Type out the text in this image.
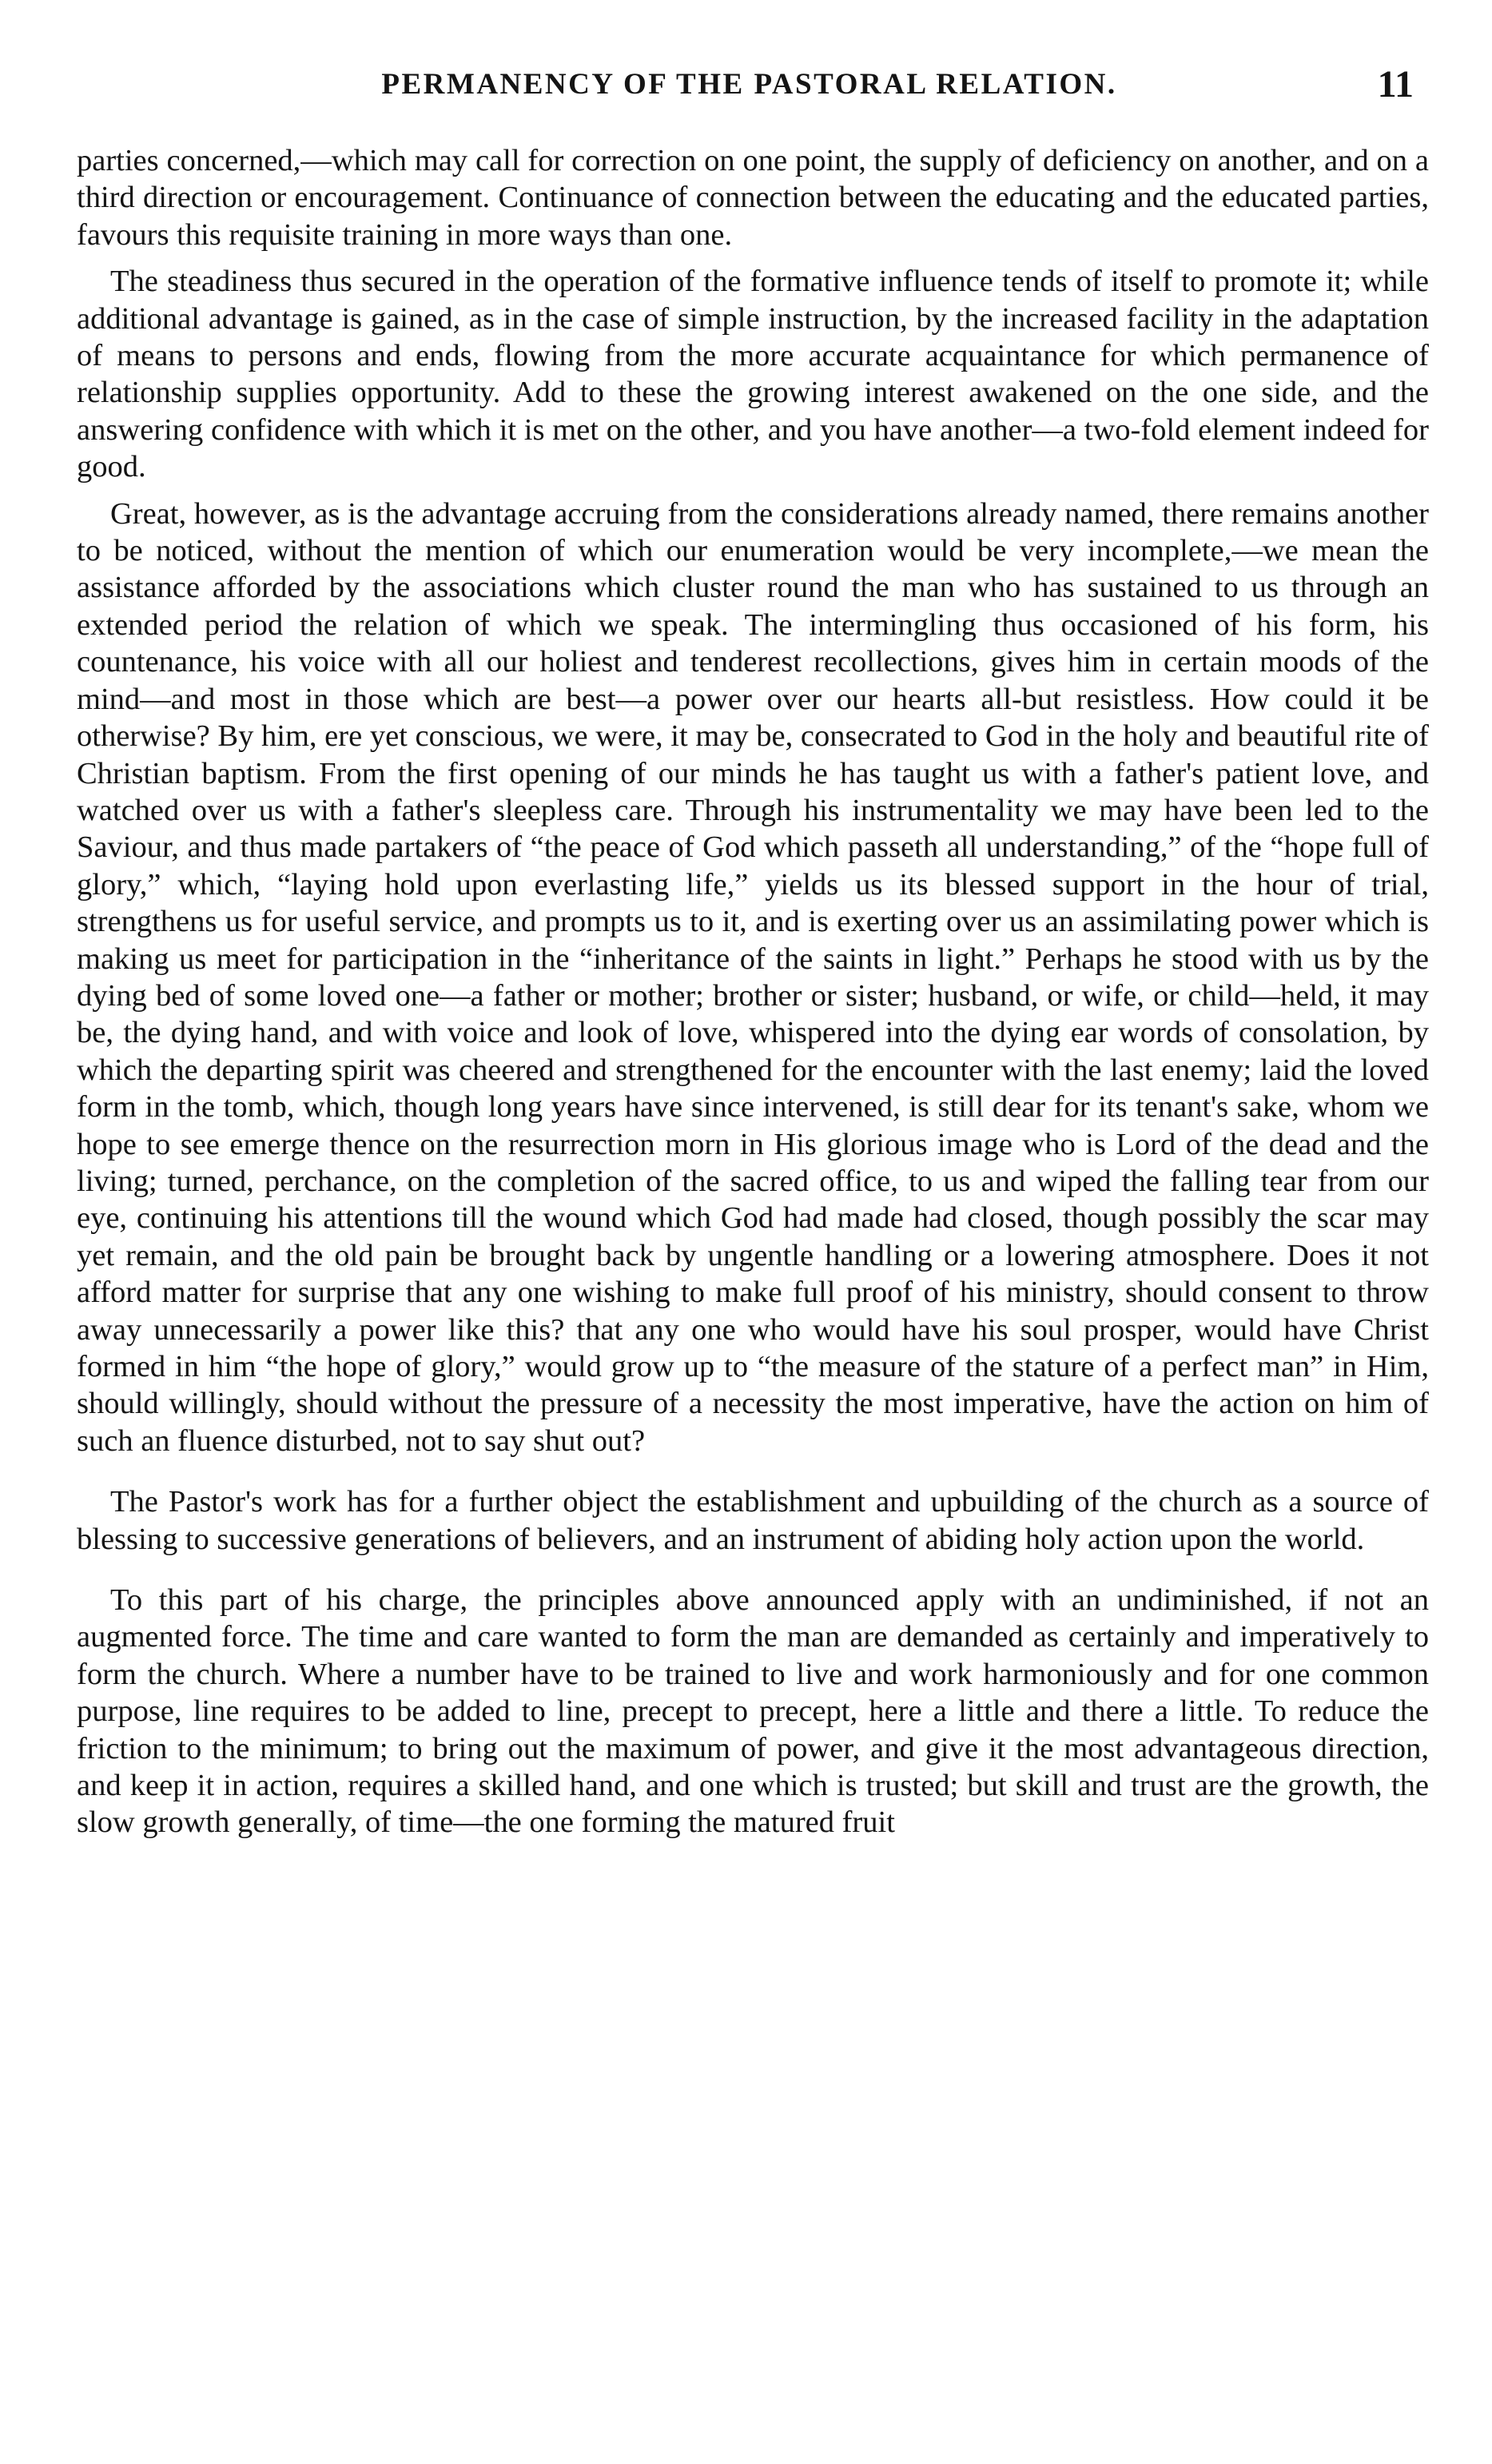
PERMANENCY OF THE PASTORAL RELATION.	11

parties concerned,—which may call for correction on one point, the supply of deficiency on another, and on a third direction or encouragement. Continuance of connection between the educating and the educated parties, favours this requisite training in more ways than one.

The steadiness thus secured in the operation of the formative influence tends of itself to promote it; while additional advantage is gained, as in the case of simple instruction, by the increased facility in the adaptation of means to persons and ends, flowing from the more accurate acquaintance for which permanence of relationship supplies opportunity. Add to these the growing interest awakened on the one side, and the answering confidence with which it is met on the other, and you have another—a two-fold element indeed for good.

Great, however, as is the advantage accruing from the considerations already named, there remains another to be noticed, without the mention of which our enumeration would be very incomplete,—we mean the assistance afforded by the associations which cluster round the man who has sustained to us through an extended period the relation of which we speak. The intermingling thus occasioned of his form, his countenance, his voice with all our holiest and tenderest recollections, gives him in certain moods of the mind—and most in those which are best—a power over our hearts all-but resistless. How could it be otherwise? By him, ere yet conscious, we were, it may be, consecrated to God in the holy and beautiful rite of Christian baptism. From the first opening of our minds he has taught us with a father's patient love, and watched over us with a father's sleepless care. Through his instrumentality we may have been led to the Saviour, and thus made partakers of “the peace of God which passeth all understanding,” of the “hope full of glory,” which, “laying hold upon everlasting life,” yields us its blessed support in the hour of trial, strengthens us for useful service, and prompts us to it, and is exerting over us an assimilating power which is making us meet for participation in the “inheritance of the saints in light.” Perhaps he stood with us by the dying bed of some loved one—a father or mother; brother or sister; husband, or wife, or child—held, it may be, the dying hand, and with voice and look of love, whispered into the dying ear words of consolation, by which the departing spirit was cheered and strengthened for the encounter with the last enemy; laid the loved form in the tomb, which, though long years have since intervened, is still dear for its tenant's sake, whom we hope to see emerge thence on the resurrection morn in His glorious image who is Lord of the dead and the living; turned, perchance, on the completion of the sacred office, to us and wiped the falling tear from our eye, continuing his attentions till the wound which God had made had closed, though possibly the scar may yet remain, and the old pain be brought back by ungentle handling or a lowering atmosphere. Does it not afford matter for surprise that any one wishing to make full proof of his ministry, should consent to throw away unnecessarily a power like this? that any one who would have his soul prosper, would have Christ formed in him “the hope of glory,” would grow up to “the measure of the stature of a perfect man” in Him, should willingly, should without the pressure of a necessity the most imperative, have the action on him of such an fluence disturbed, not to say shut out?

The Pastor's work has for a further object the establishment and upbuilding of the church as a source of blessing to successive generations of believers, and an instrument of abiding holy action upon the world.

To this part of his charge, the principles above announced apply with an undiminished, if not an augmented force. The time and care wanted to form the man are demanded as certainly and imperatively to form the church. Where a number have to be trained to live and work harmoniously and for one common purpose, line requires to be added to line, precept to precept, here a little and there a little. To reduce the friction to the minimum; to bring out the maximum of power, and give it the most advantageous direction, and keep it in action, requires a skilled hand, and one which is trusted; but skill and trust are the growth, the slow growth generally, of time—the one forming the matured fruit
